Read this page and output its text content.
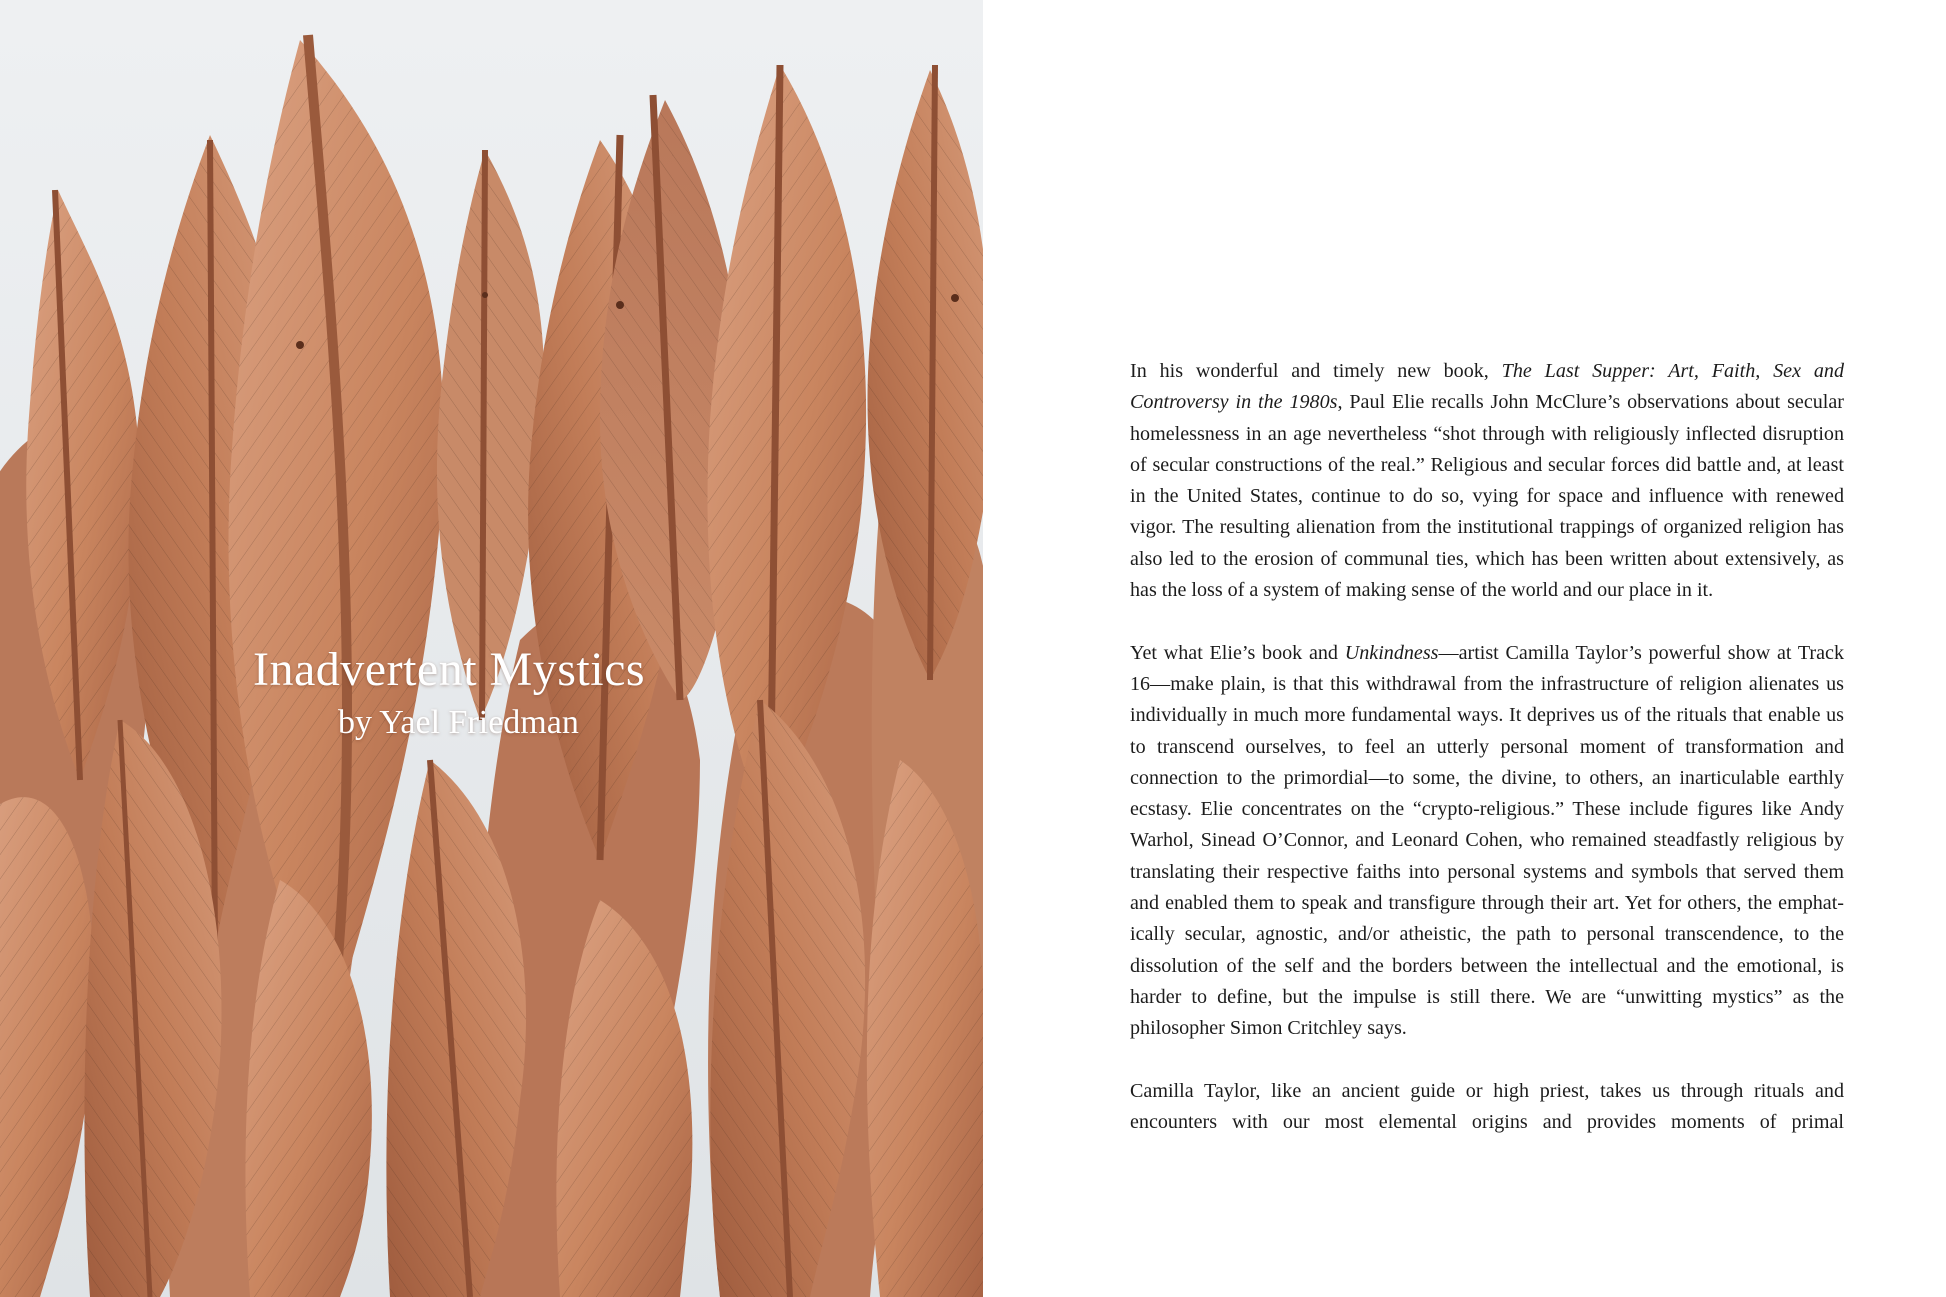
Inadvertent Mystics
by Yael Friedman

In his wonderful and timely new book, The Last Supper: Art, Faith, Sex and Controversy in the 1980s, Paul Elie recalls John McClure’s observations about secular homelessness in an age nevertheless “shot through with religiously inflected disruption of secular constructions of the real.” Religious and secular forces did battle and, at least in the United States, continue to do so, vying for space and influence with renewed vigor. The resulting alienation from the institutional trappings of organized religion has also led to the erosion of communal ties, which has been written about extensively, as has the loss of a system of making sense of the world and our place in it.

Yet what Elie’s book and Unkindness—artist Camilla Taylor’s powerful show at Track 16—make plain, is that this withdrawal from the infrastructure of religion alienates us individually in much more fundamental ways. It deprives us of the rituals that enable us to transcend ourselves, to feel an utterly personal moment of transformation and connection to the primordial—to some, the divine, to others, an inarticulable earthly ecstasy. Elie concentrates on the “crypto-religious.” These include figures like Andy Warhol, Sinead O’Connor, and Leonard Cohen, who remained steadfastly religious by translating their respective faiths into personal systems and symbols that served them and enabled them to speak and transfigure through their art. Yet for others, the emphatically secular, agnostic, and/or atheistic, the path to personal transcendence, to the dissolution of the self and the borders between the intellectual and the emotional, is harder to define, but the impulse is still there. We are “unwitting mystics” as the philosopher Simon Critchley says.

Camilla Taylor, like an ancient guide or high priest, takes us through rituals and encounters with our most elemental origins and provides moments of primal
